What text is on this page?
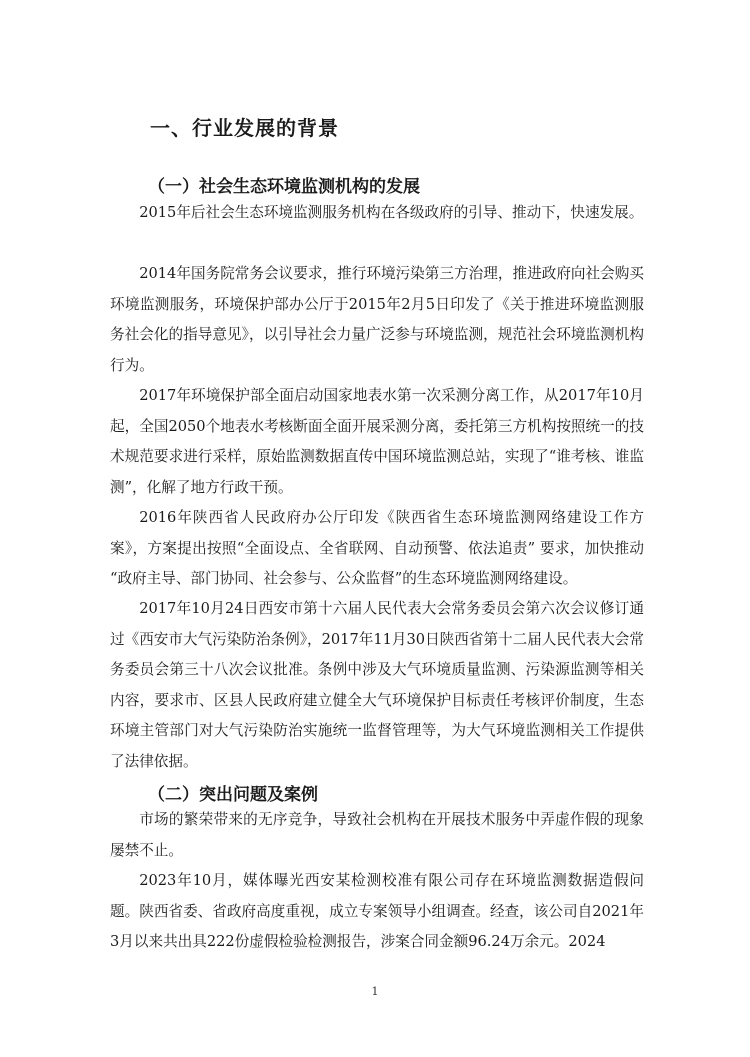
一、行业发展的背景
（一）社会生态环境监测机构的发展

2015年后社会生态环境监测服务机构在各级政府的引导、推动下，快速发展。

2014年国务院常务会议要求，推行环境污染第三方治理，推进政府向社会购买环境监测服务，环境保护部办公厅于2015年2月5日印发了《关于推进环境监测服务社会化的指导意见》，以引导社会力量广泛参与环境监测，规范社会环境监测机构行为。

2017年环境保护部全面启动国家地表水第一次采测分离工作，从2017年10月起，全国2050个地表水考核断面全面开展采测分离，委托第三方机构按照统一的技术规范要求进行采样，原始监测数据直传中国环境监测总站，实现了“谁考核、谁监测”，化解了地方行政干预。

2016年陕西省人民政府办公厅印发《陕西省生态环境监测网络建设工作方案》，方案提出按照“全面设点、全省联网、自动预警、依法追责” 要求，加快推动 “政府主导、部门协同、社会参与、公众监督”的生态环境监测网络建设。

2017年10月24日西安市第十六届人民代表大会常务委员会第六次会议修订通过《西安市大气污染防治条例》，2017年11月30日陕西省第十二届人民代表大会常务委员会第三十八次会议批准。条例中涉及大气环境质量监测、污染源监测等相关内容，要求市、区县人民政府建立健全大气环境保护目标责任考核评价制度，生态环境主管部门对大气污染防治实施统一监督管理等，为大气环境监测相关工作提供了法律依据。

（二）突出问题及案例

市场的繁荣带来的无序竞争，导致社会机构在开展技术服务中弄虚作假的现象屡禁不止。

2023年10月，媒体曝光西安某检测校准有限公司存在环境监测数据造假问题。陕西省委、省政府高度重视，成立专案领导小组调查。经查，该公司自2021年3月以来共出具222份虚假检验检测报告，涉案合同金额96.24万余元。2024

1
